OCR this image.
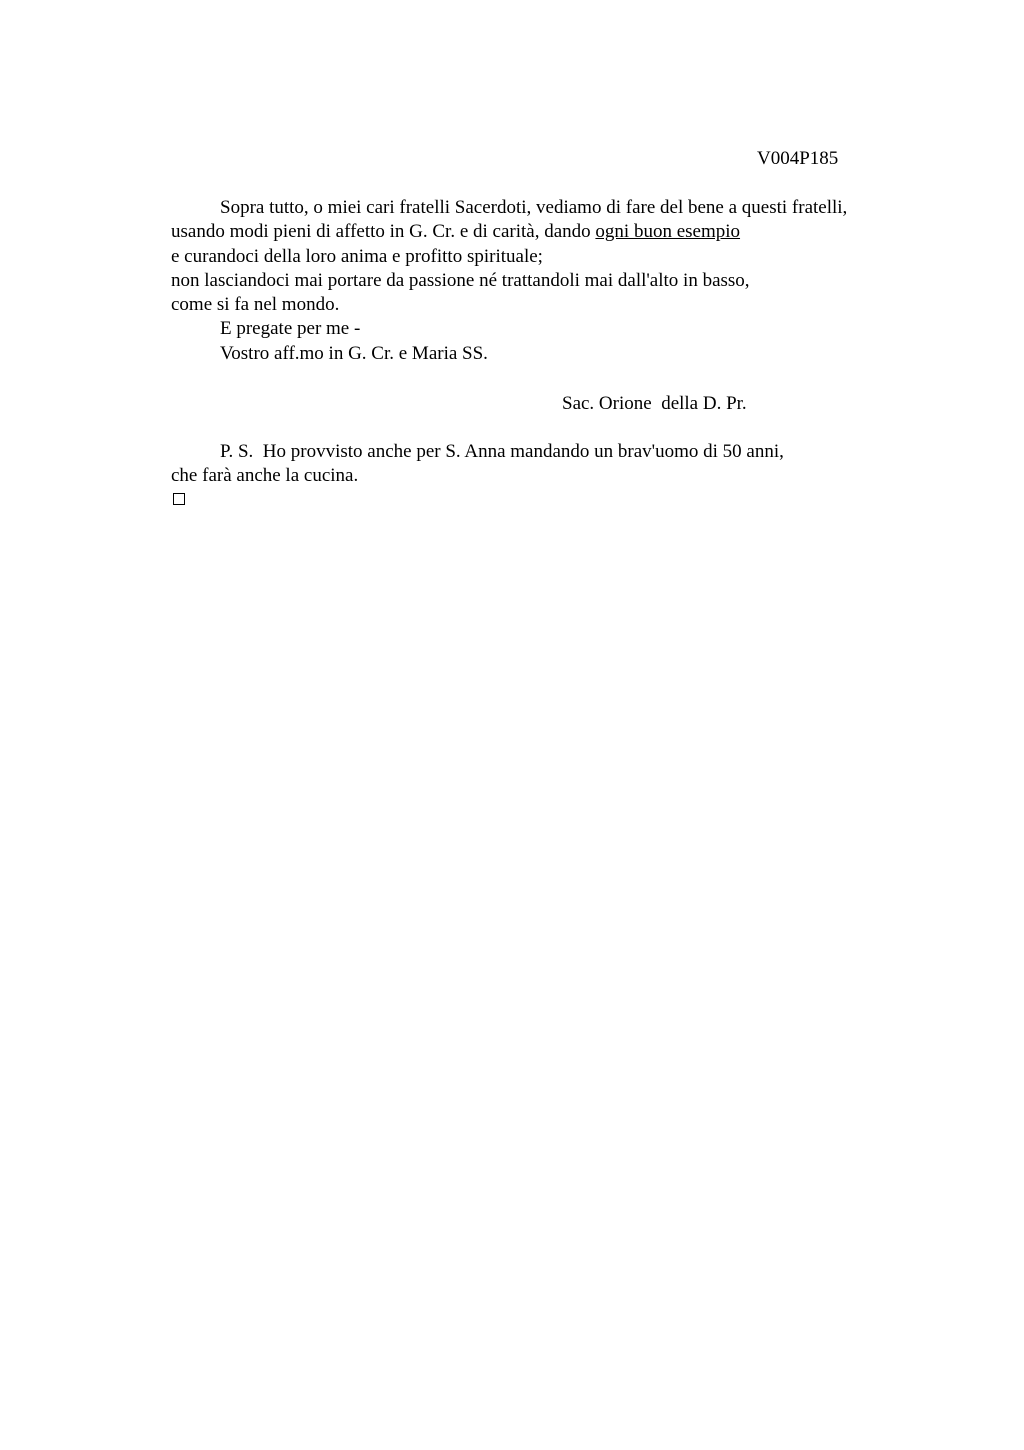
V004P185
Sopra tutto, o miei cari fratelli Sacerdoti, vediamo di fare del bene a questi fratelli,
usando modi pieni di affetto in G. Cr. e di carità, dando ogni buon esempio
e curandoci della loro anima e profitto spirituale;
non lasciandoci mai portare da passione né trattandoli mai dall'alto in basso,
come si fa nel mondo.
E pregate per me -
Vostro aff.mo in G. Cr. e Maria SS.
Sac. Orione  della D. Pr.
P. S.  Ho provvisto anche per S. Anna mandando un brav'uomo di 50 anni,
che farà anche la cucina.
